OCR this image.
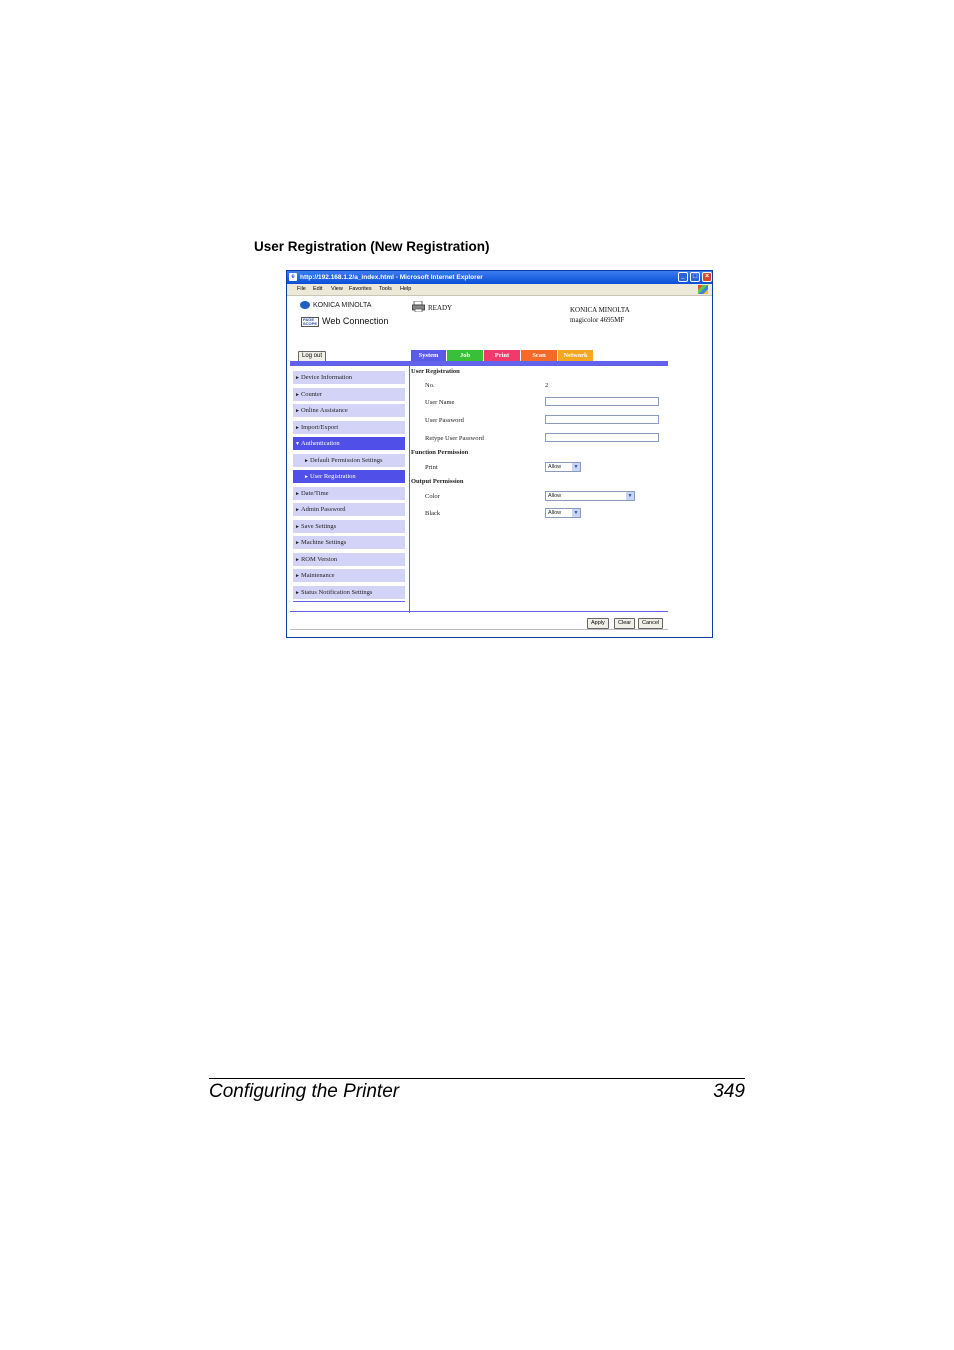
User Registration (New Registration)
e http://192.168.1.2/a_index.html - Microsoft Internet Explorer	_	□	×
File Edit View Favorites Tools Help
KONICA MINOLTA
PAGE
SCOPE Web Connection
READY	KONICA MINOLTA
magicolor 4695MF
Log out	System	Job	Print	Scan	Network
►Device Information
►Counter
►Online Assistance
►Import/Export
▼Authentication
►Default Permission Settings
►User Registration
►Date/Time
►Admin Password
►Save Settings
►Machine Settings
►ROM Version
►Maintenance
►Status Notification Settings
User Registration
No.	2
User Name
User Password
Retype User Password
Function Permission
Print	Allow	▼
Output Permission
Color	Allow	▼
Black	Allow	▼
Apply	Clear	Cancel
Configuring the Printer	349
